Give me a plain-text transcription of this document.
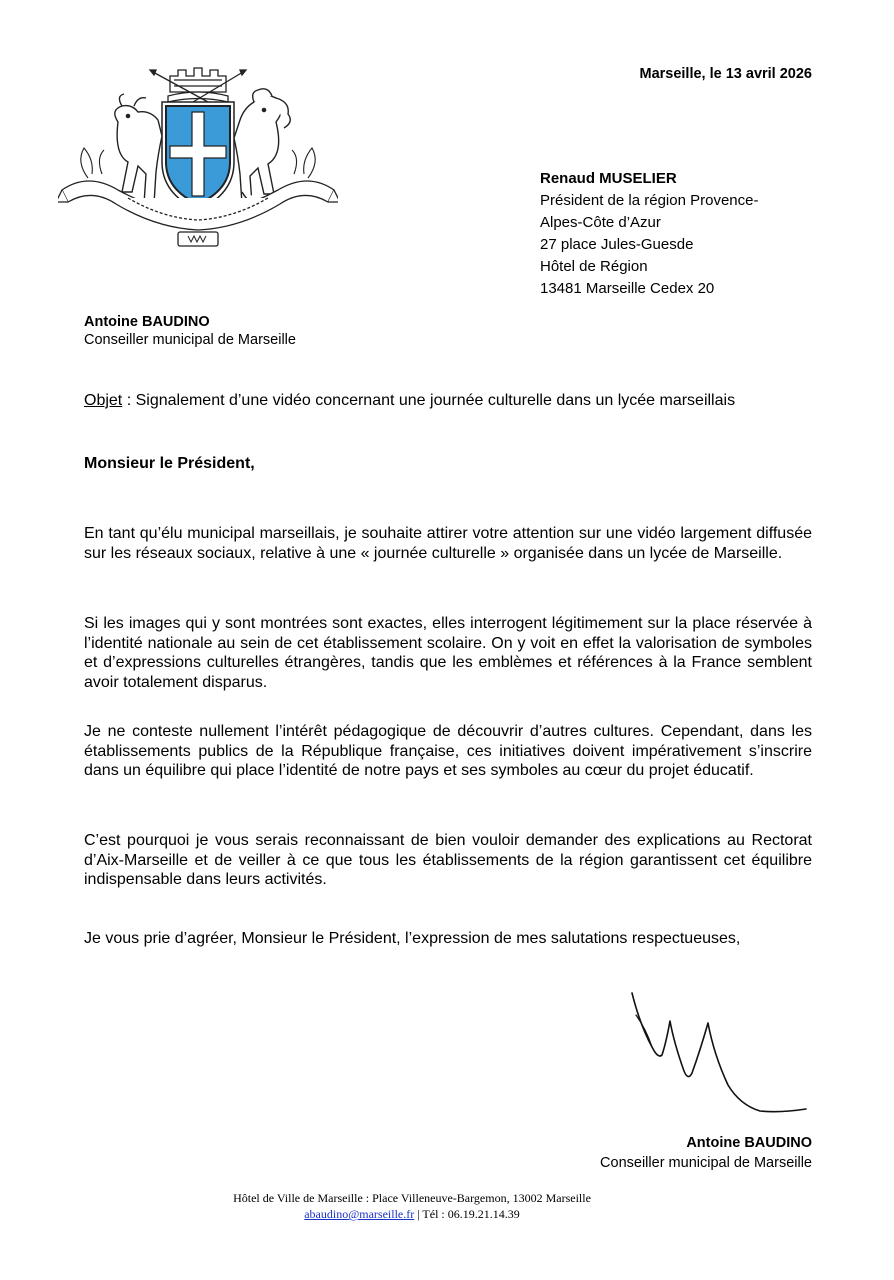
Marseille, le 13 avril 2026
Renaud MUSELIER
Président de la région Provence-
Alpes-Côte d’Azur
27 place Jules-Guesde
Hôtel de Région
13481 Marseille Cedex 20
Antoine BAUDINO
Conseiller municipal de Marseille
Objet : Signalement d’une vidéo concernant une journée culturelle dans un lycée marseillais
Monsieur le Président,
En tant qu’élu municipal marseillais, je souhaite attirer votre attention sur une vidéo largement diffusée sur les réseaux sociaux, relative à une « journée culturelle » organisée dans un lycée de Marseille.
Si les images qui y sont montrées sont exactes, elles interrogent légitimement sur la place réservée à l’identité nationale au sein de cet établissement scolaire. On y voit en effet la valorisation de symboles et d’expressions culturelles étrangères, tandis que les emblèmes et références à la France semblent avoir totalement disparus.
Je ne conteste nullement l’intérêt pédagogique de découvrir d’autres cultures. Cependant, dans les établissements publics de la République française, ces initiatives doivent impérativement s’inscrire dans un équilibre qui place l’identité de notre pays et ses symboles au cœur du projet éducatif.
C’est pourquoi je vous serais reconnaissant de bien vouloir demander des explications au Rectorat d’Aix-Marseille et de veiller à ce que tous les établissements de la région garantissent cet équilibre indispensable dans leurs activités.
Je vous prie d’agréer, Monsieur le Président, l’expression de mes salutations respectueuses,
Antoine BAUDINO
Conseiller municipal de Marseille
Hôtel de Ville de Marseille : Place Villeneuve-Bargemon, 13002 Marseille
abaudino@marseille.fr | Tél : 06.19.21.14.39
